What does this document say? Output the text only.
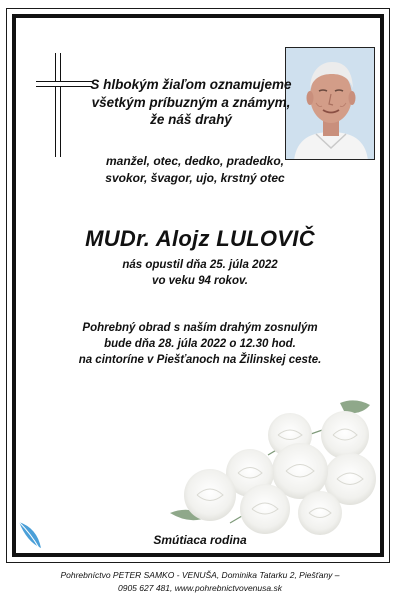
S hlbokým žiaľom oznamujeme
všetkým príbuzným a známym,
že náš drahý
manžel, otec, dedko, pradedko,
svokor, švagor, ujo, krstný otec
MUDr. Alojz LULOVIČ
nás opustil dňa 25. júla 2022
vo veku 94 rokov.
Pohrebný obrad s naším drahým zosnulým
bude dňa 28. júla 2022 o 12.30 hod.
na cintoríne v Piešťanoch na Žilinskej ceste.
Smútiaca rodina
Pohrebníctvo PETER SAMKO - VENUŠA, Dominika Tatarku 2, Piešťany –
0905 627 481, www.pohrebnictvovenusa.sk
